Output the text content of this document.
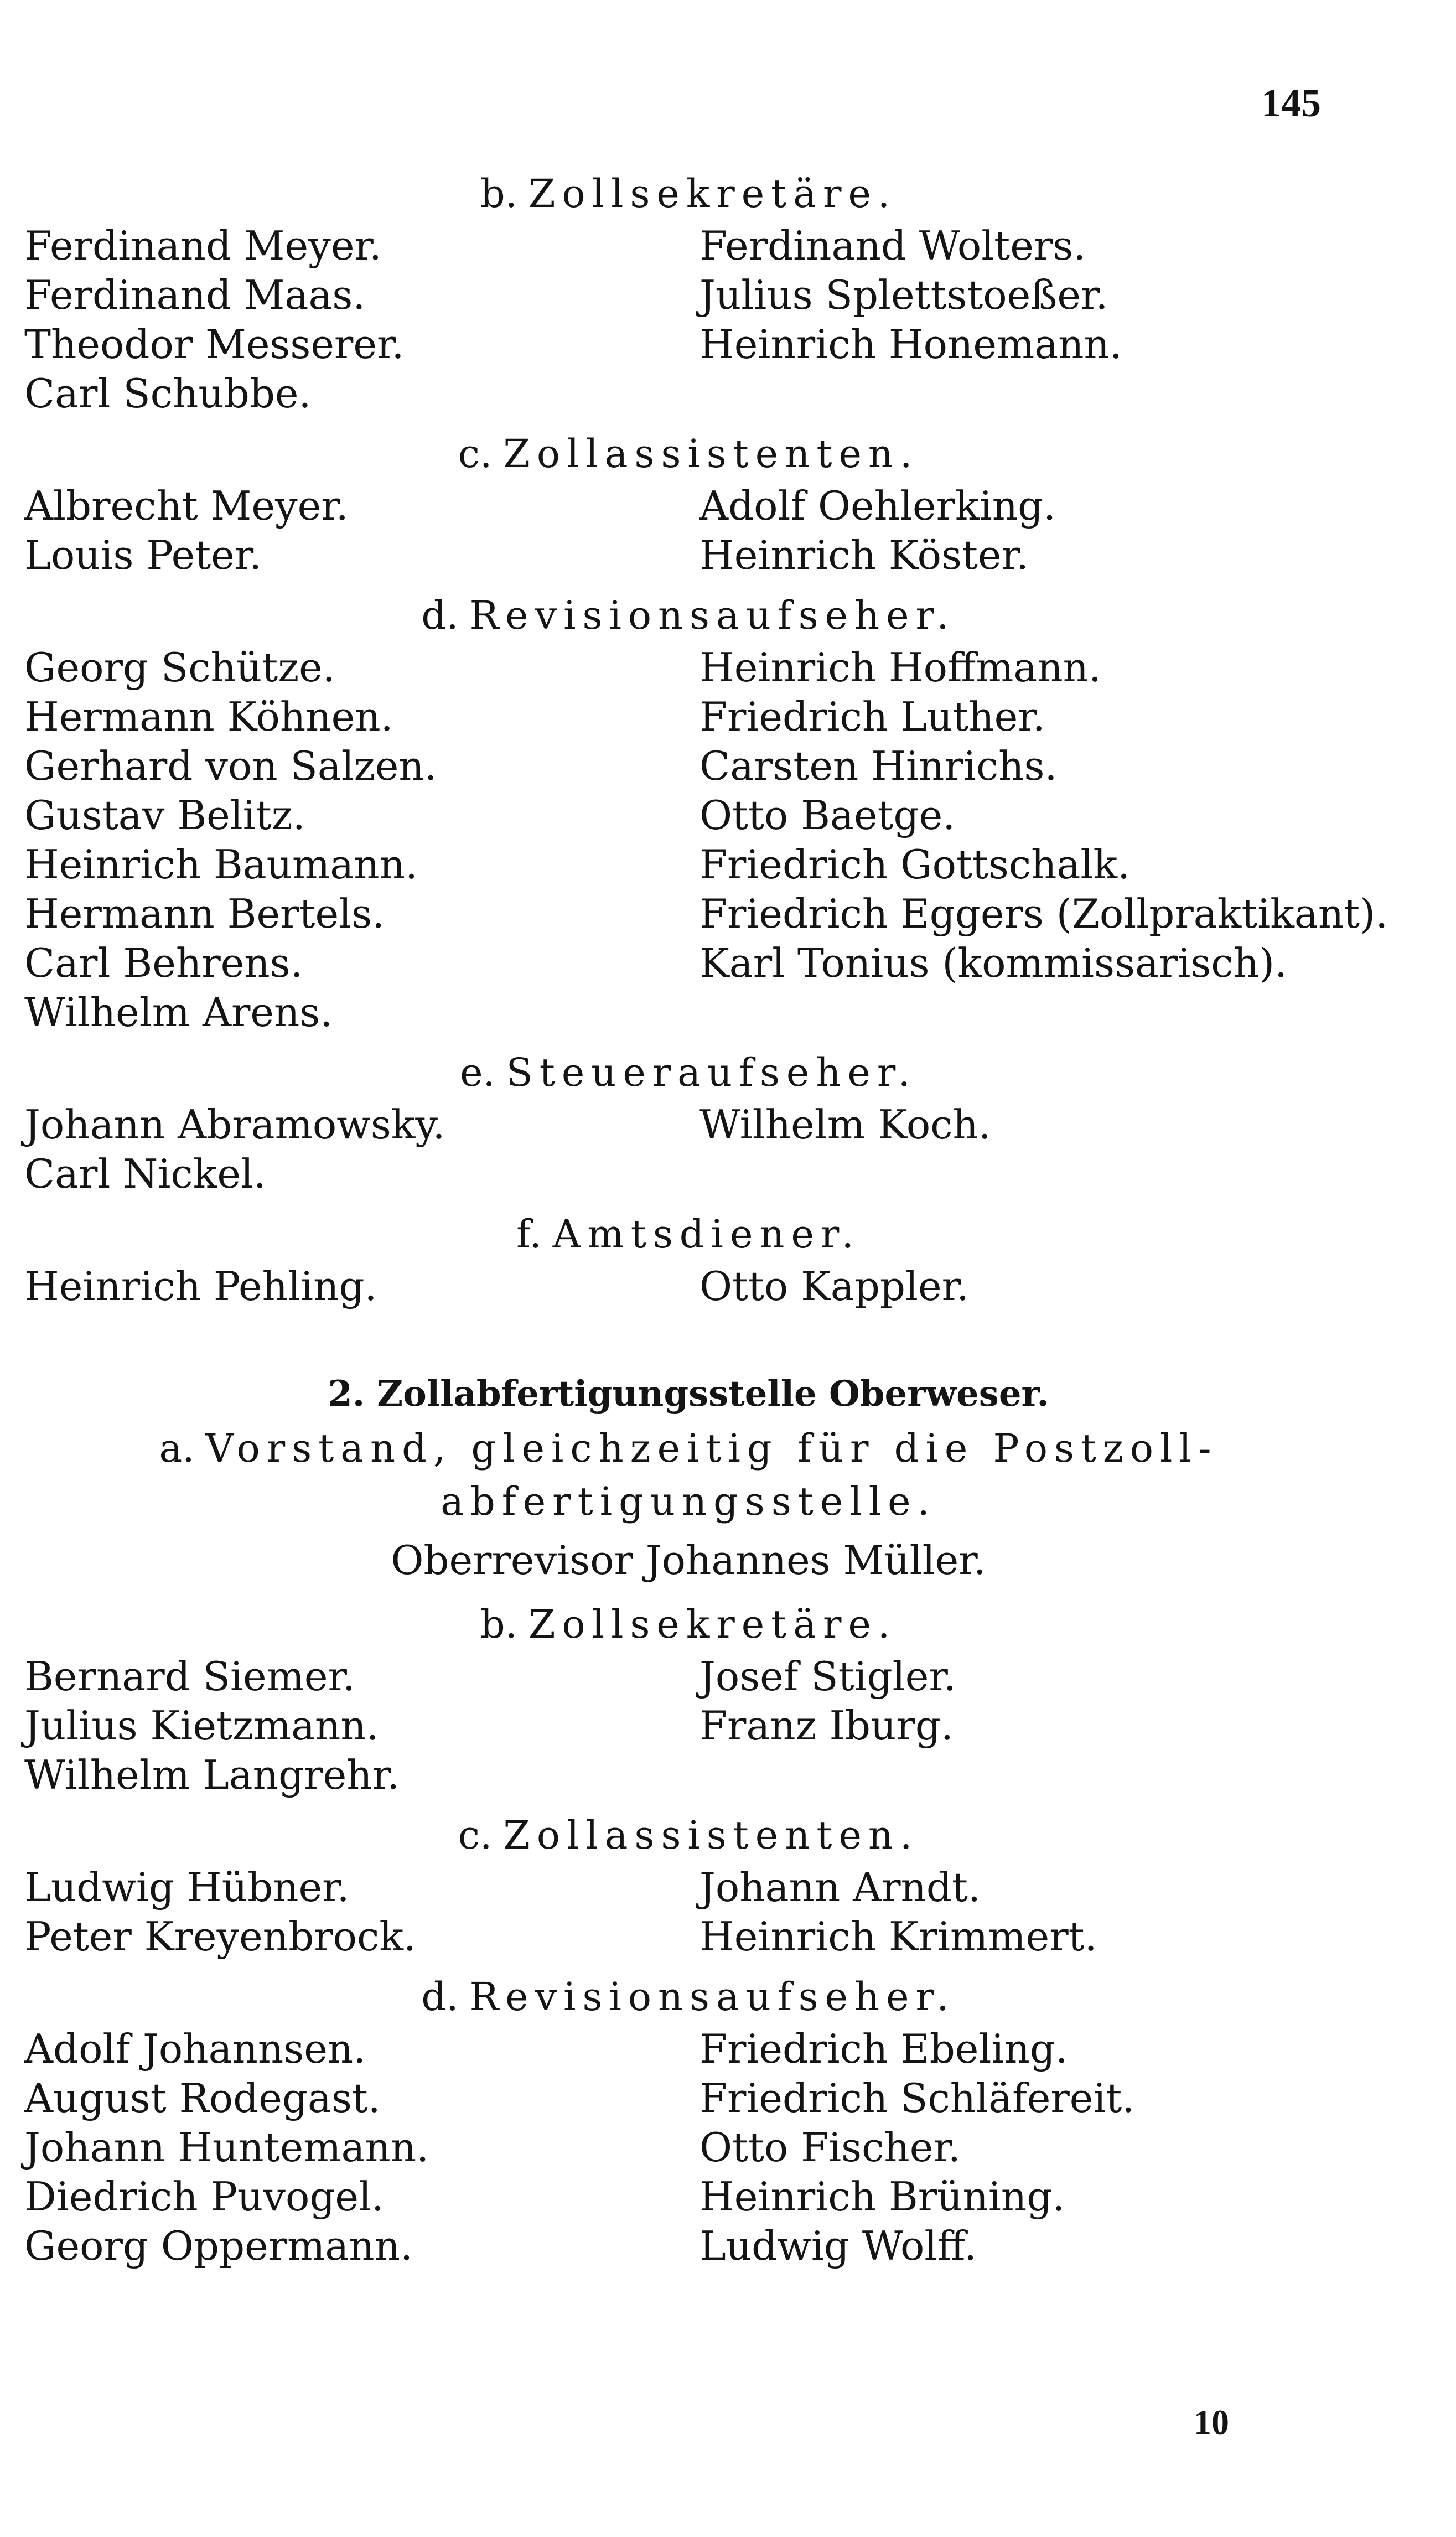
145
b. Zollsekretäre.
Ferdinand Meyer.	Ferdinand Wolters.
Ferdinand Maas.	Julius Splettstoeßer.
Theodor Messerer.	Heinrich Honemann.
Carl Schubbe.
c. Zollassistenten.
Albrecht Meyer.	Adolf Oehlerking.
Louis Peter.	Heinrich Köster.
d. Revisionsaufseher.
Georg Schütze.	Heinrich Hoffmann.
Hermann Köhnen.	Friedrich Luther.
Gerhard von Salzen.	Carsten Hinrichs.
Gustav Belitz.	Otto Baetge.
Heinrich Baumann.	Friedrich Gottschalk.
Hermann Bertels.	Friedrich Eggers (Zollpraktikant).
Carl Behrens.	Karl Tonius (kommissarisch).
Wilhelm Arens.
e. Steueraufseher.
Johann Abramowsky.	Wilhelm Koch.
Carl Nickel.
f. Amtsdiener.
Heinrich Pehling.	Otto Kappler.
2. Zollabfertigungsstelle Oberweser.
a. Vorstand, gleichzeitig für die Postzoll-
abfertigungsstelle.
Oberrevisor Johannes Müller.
b. Zollsekretäre.
Bernard Siemer.	Josef Stigler.
Julius Kietzmann.	Franz Iburg.
Wilhelm Langrehr.
c. Zollassistenten.
Ludwig Hübner.	Johann Arndt.
Peter Kreyenbrock.	Heinrich Krimmert.
d. Revisionsaufseher.
Adolf Johannsen.	Friedrich Ebeling.
August Rodegast.	Friedrich Schläfereit.
Johann Huntemann.	Otto Fischer.
Diedrich Puvogel.	Heinrich Brüning.
Georg Oppermann.	Ludwig Wolff.
10
